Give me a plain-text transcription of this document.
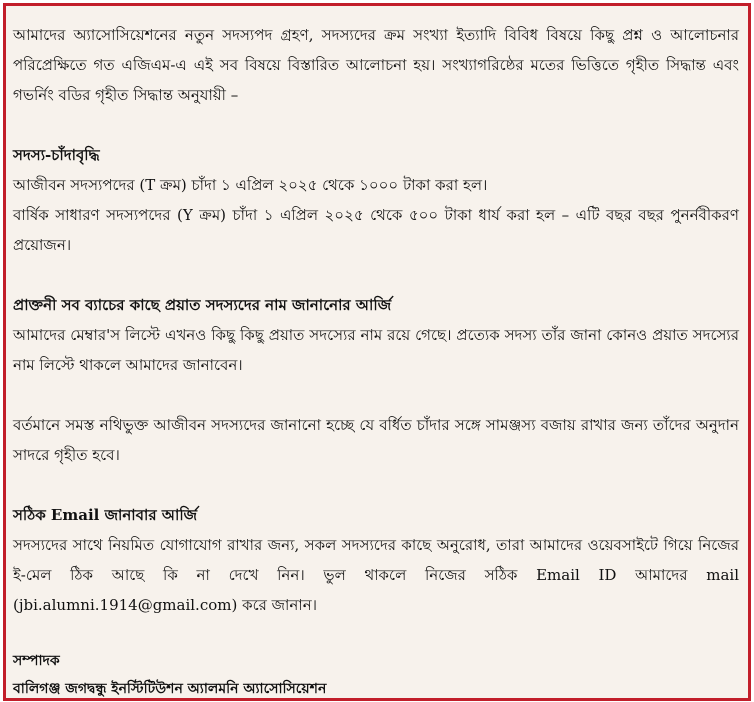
আমাদের অ্যাসোসিয়েশনের নতুন সদস্যপদ গ্রহণ, সদস্যদের ক্রম সংখ্যা ইত্যাদি বিবিধ বিষয়ে কিছু প্রশ্ন ও আলোচনার পরিপ্রেক্ষিতে গত এজিএম-এ এই সব বিষয়ে বিস্তারিত আলোচনা হয়। সংখ্যাগরিষ্ঠের মতের ভিত্তিতে গৃহীত সিদ্ধান্ত এবং গভর্নিং বডির গৃহীত সিদ্ধান্ত অনুযায়ী –

সদস্য-চাঁদাবৃদ্ধি

আজীবন সদস্যপদের (T ক্রম) চাঁদা ১ এপ্রিল ২০২৫ থেকে ১০০০ টাকা করা হল।

বার্ষিক সাধারণ সদস্যপদের (Y ক্রম) চাঁদা ১ এপ্রিল ২০২৫ থেকে ৫০০ টাকা ধার্য করা হল – এটি বছর বছর পুনর্নবীকরণ প্রয়োজন।

প্রাক্তনী সব ব্যাচের কাছে প্রয়াত সদস্যদের নাম জানানোর আর্জি

আমাদের মেম্বার'স লিস্টে এখনও কিছু কিছু প্রয়াত সদস্যের নাম রয়ে গেছে। প্রত্যেক সদস্য তাঁর জানা কোনও প্রয়াত সদস্যের নাম লিস্টে থাকলে আমাদের জানাবেন।

বর্তমানে সমস্ত নথিভুক্ত আজীবন সদস্যদের জানানো হচ্ছে যে বর্ধিত চাঁদার সঙ্গে সামঞ্জস্য বজায় রাখার জন্য তাঁদের অনুদান সাদরে গৃহীত হবে।

সঠিক Email জানাবার আর্জি

সদস্যদের সাথে নিয়মিত যোগাযোগ রাখার জন্য, সকল সদস্যদের কাছে অনুরোধ, তারা আমাদের ওয়েবসাইটে গিয়ে নিজের ই-মেল ঠিক আছে কি না দেখে নিন। ভুল থাকলে নিজের সঠিক Email ID আমাদের mail (jbi.alumni.1914@gmail.com) করে জানান।

সম্পাদক
বালিগঞ্জ জগদ্বন্ধু ইনস্টিটিউশন অ্যালমনি অ্যাসোসিয়েশন
